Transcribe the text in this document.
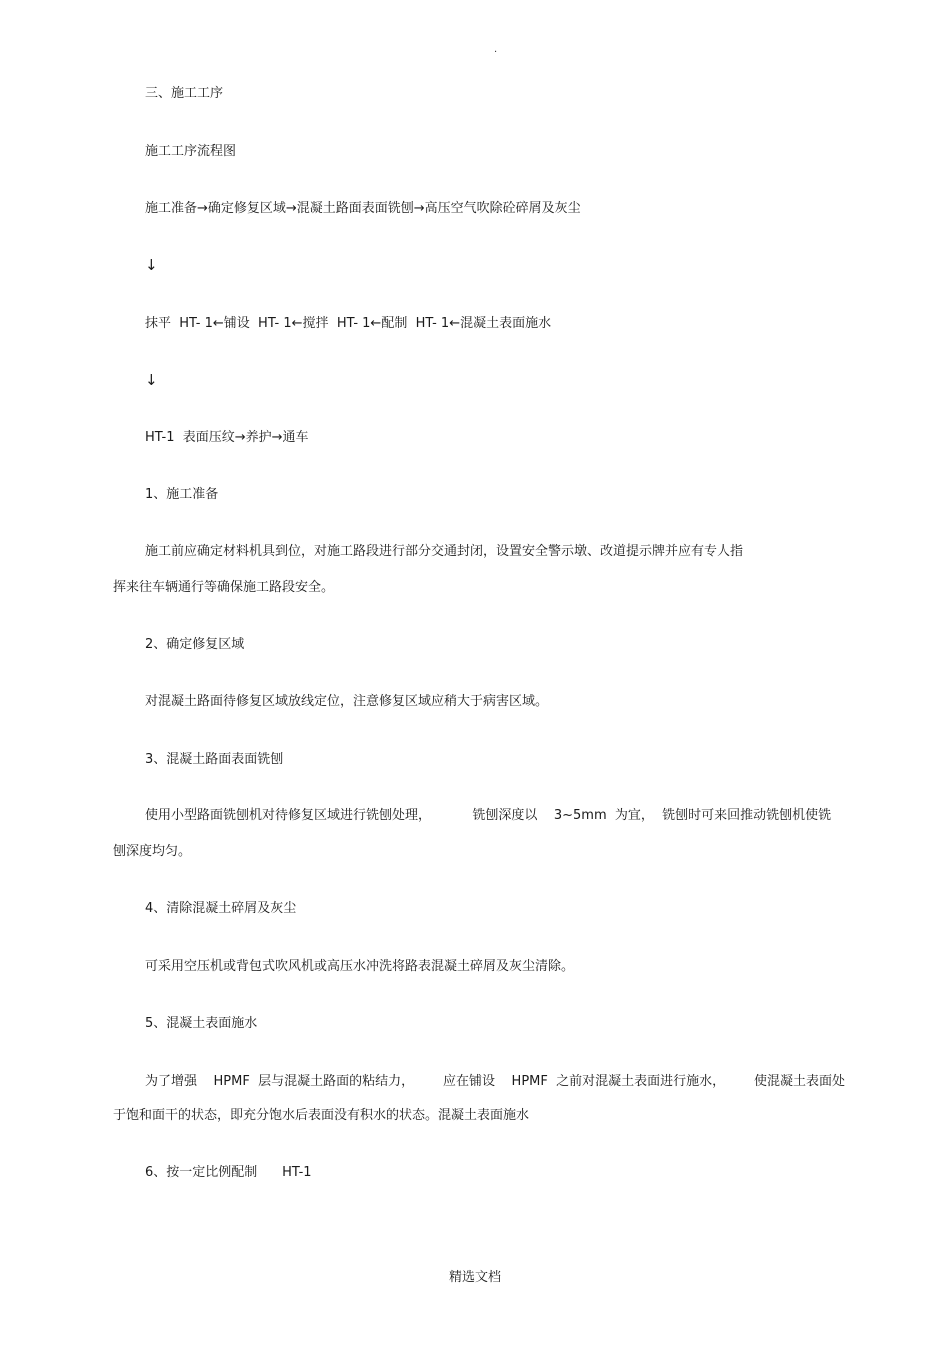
.
三、施工工序
施工工序流程图
施工准备→确定修复区域→混凝土路面表面铣刨→高压空气吹除砼碎屑及灰尘
↓
抹平  HT- 1←铺设  HT- 1←搅拌  HT- 1←配制  HT- 1←混凝土表面施水
↓
HT-1  表面压纹→养护→通车
1、施工准备
施工前应确定材料机具到位，对施工路段进行部分交通封闭，设置安全警示墩、改道提示牌并应有专人指
挥来往车辆通行等确保施工路段安全。
2、确定修复区域
对混凝土路面待修复区域放线定位，注意修复区域应稍大于病害区域。
3、混凝土路面表面铣刨
使用小型路面铣刨机对待修复区域进行铣刨处理，          铣刨深度以    3~5mm  为宜，  铣刨时可来回推动铣刨机使铣
刨深度均匀。
4、清除混凝土碎屑及灰尘
可采用空压机或背包式吹风机或高压水冲洗将路表混凝土碎屑及灰尘清除。
5、混凝土表面施水
为了增强    HPMF  层与混凝土路面的粘结力，       应在铺设    HPMF  之前对混凝土表面进行施水，       使混凝土表面处
于饱和面干的状态，即充分饱水后表面没有积水的状态。混凝土表面施水
6、按一定比例配制      HT-1
精选文档
